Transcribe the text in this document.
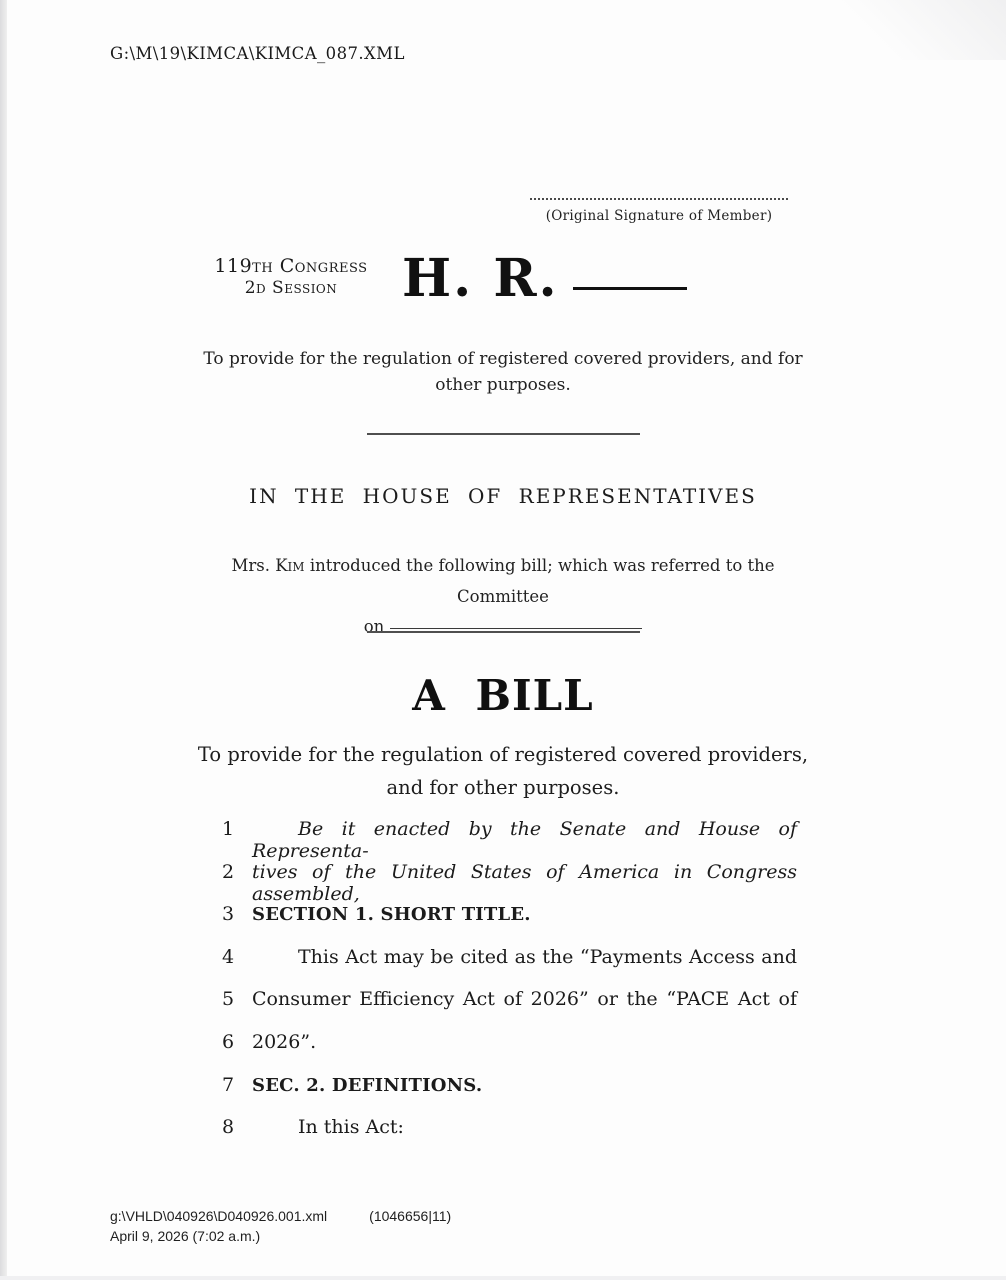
G:\M\19\KIMCA\KIMCA_087.XML
(Original Signature of Member)
119th Congress
2d Session	H. R.
To provide for the regulation of registered covered providers, and for other purposes.
IN THE HOUSE OF REPRESENTATIVES
Mrs. Kim introduced the following bill; which was referred to the Committee
on
A BILL
To provide for the regulation of registered covered providers, and for other purposes.
1	Be it enacted by the Senate and House of Representa-
2 tives of the United States of America in Congress assembled,
3 SECTION 1. SHORT TITLE.
4	This Act may be cited as the “Payments Access and
5 Consumer Efficiency Act of 2026” or the “PACE Act of
6 2026”.
7 SEC. 2. DEFINITIONS.
8	In this Act:
g:\VHLD\040926\D040926.001.xml	(1046656|11)
April 9, 2026 (7:02 a.m.)
